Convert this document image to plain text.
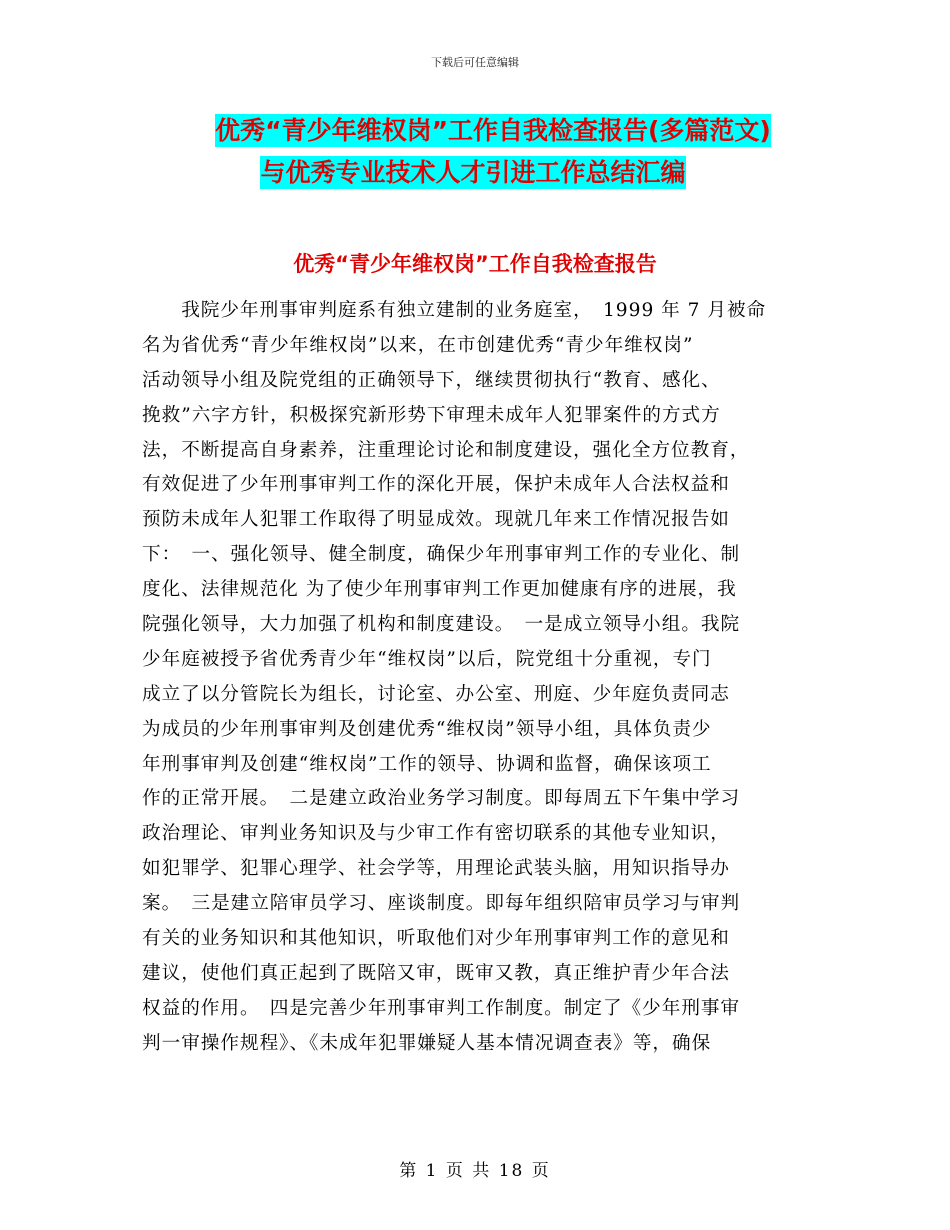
下载后可任意编辑
优秀“青少年维权岗”工作自我检查报告(多篇范文)
与优秀专业技术人才引进工作总结汇编
优秀“青少年维权岗”工作自我检查报告
　　我院少年刑事审判庭系有独立建制的业务庭室，　1999 年 7 月被命
名为省优秀“青少年维权岗”以来，在市创建优秀“青少年维权岗”
活动领导小组及院党组的正确领导下，继续贯彻执行“教育、感化、
挽救”六字方针，积极探究新形势下审理未成年人犯罪案件的方式方
法，不断提高自身素养，注重理论讨论和制度建设，强化全方位教育，
有效促进了少年刑事审判工作的深化开展，保护未成年人合法权益和
预防未成年人犯罪工作取得了明显成效。现就几年来工作情况报告如
下：　一、强化领导、健全制度，确保少年刑事审判工作的专业化、制
度化、法律规范化 为了使少年刑事审判工作更加健康有序的进展，我
院强化领导，大力加强了机构和制度建设。　一是成立领导小组。我院
少年庭被授予省优秀青少年“维权岗”以后，院党组十分重视，专门
成立了以分管院长为组长，讨论室、办公室、刑庭、少年庭负责同志
为成员的少年刑事审判及创建优秀“维权岗”领导小组，具体负责少
年刑事审判及创建“维权岗”工作的领导、协调和监督，确保该项工
作的正常开展。　二是建立政治业务学习制度。即每周五下午集中学习
政治理论、审判业务知识及与少审工作有密切联系的其他专业知识，
如犯罪学、犯罪心理学、社会学等，用理论武装头脑，用知识指导办
案。　三是建立陪审员学习、座谈制度。即每年组织陪审员学习与审判
有关的业务知识和其他知识，听取他们对少年刑事审判工作的意见和
建议，使他们真正起到了既陪又审，既审又教，真正维护青少年合法
权益的作用。　四是完善少年刑事审判工作制度。制定了《少年刑事审
判一审操作规程》、《未成年犯罪嫌疑人基本情况调查表》等，确保
第 1 页 共 18 页
